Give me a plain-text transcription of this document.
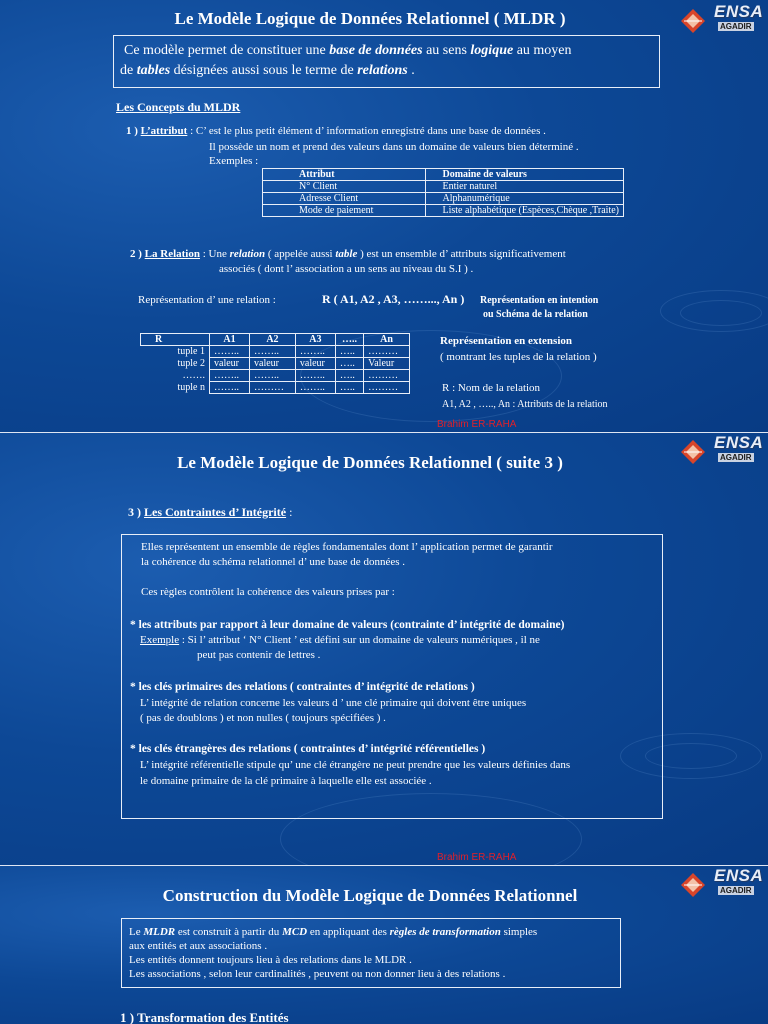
ENSA
AGADIR
Le Modèle Logique de Données Relationnel ( MLDR )
Ce modèle permet de constituer une base de données au sens logique au moyen
de tables désignées aussi sous le terme de relations .
Les Concepts du MLDR
1 ) L’attribut : C’ est le plus petit élément d’ information enregistré dans une base de données .
Il possède un nom et prend des valeurs dans un domaine de valeurs bien déterminé .
Exemples :
Attribut	Domaine de valeurs
N° Client	Entier naturel
Adresse Client	Alphanumérique
Mode de paiement	Liste alphabétique (Espèces,Chèque ,Traite)
2 ) La Relation : Une relation ( appelée aussi table ) est un ensemble d’ attributs significativement
associés ( dont l’ association a un sens au niveau du S.I ) .
Représentation d’ une relation :	R ( A1, A2 , A3, ……..., An ) Représentation en intention
ou Schéma de la relation
R	A1	A2	A3	…..	An
tuple 1	……..	……..	……..	…..	………
tuple 2	valeur	valeur	valeur	…..	Valeur
…….	……..	……..	……..	…..	………
tuple n	……..	………	……..	…..	………
Représentation en extension
( montrant les tuples de la relation )
R : Nom de la relation
A1, A2 , ….., An : Attributs de la relation
Brahim ER-RAHA
ENSA
AGADIR
Le Modèle Logique de Données Relationnel ( suite 3 )
3 ) Les Contraintes d’ Intégrité :
Elles représentent un ensemble de règles fondamentales dont l’ application permet de garantir
la cohérence du schéma relationnel d’ une base de données .
Ces règles contrôlent la cohérence des valeurs prises par :
* les attributs par rapport à leur domaine de valeurs (contrainte d’ intégrité de domaine)
Exemple : Si l’ attribut ‘ N° Client ’ est défini sur un domaine de valeurs numériques , il ne
peut pas contenir de lettres .
* les clés primaires des relations ( contraintes d’ intégrité de relations )
L’ intégrité de relation concerne les valeurs d ’ une clé primaire qui doivent être uniques
( pas de doublons ) et non nulles ( toujours spécifiées ) .
* les clés étrangères des relations ( contraintes d’ intégrité référentielles )
L’ intégrité référentielle stipule qu’ une clé étrangère ne peut prendre que les valeurs définies dans
le domaine primaire de la clé primaire à laquelle elle est associée .
Brahim ER-RAHA
ENSA
AGADIR
Construction du Modèle Logique de Données Relationnel
Le MLDR est construit à partir du MCD en appliquant des règles de transformation simples
aux entités et aux associations .
Les entités donnent toujours lieu à des relations dans le MLDR .
Les associations , selon leur cardinalités , peuvent ou non donner lieu à des relations .
1 ) Transformation des Entités
